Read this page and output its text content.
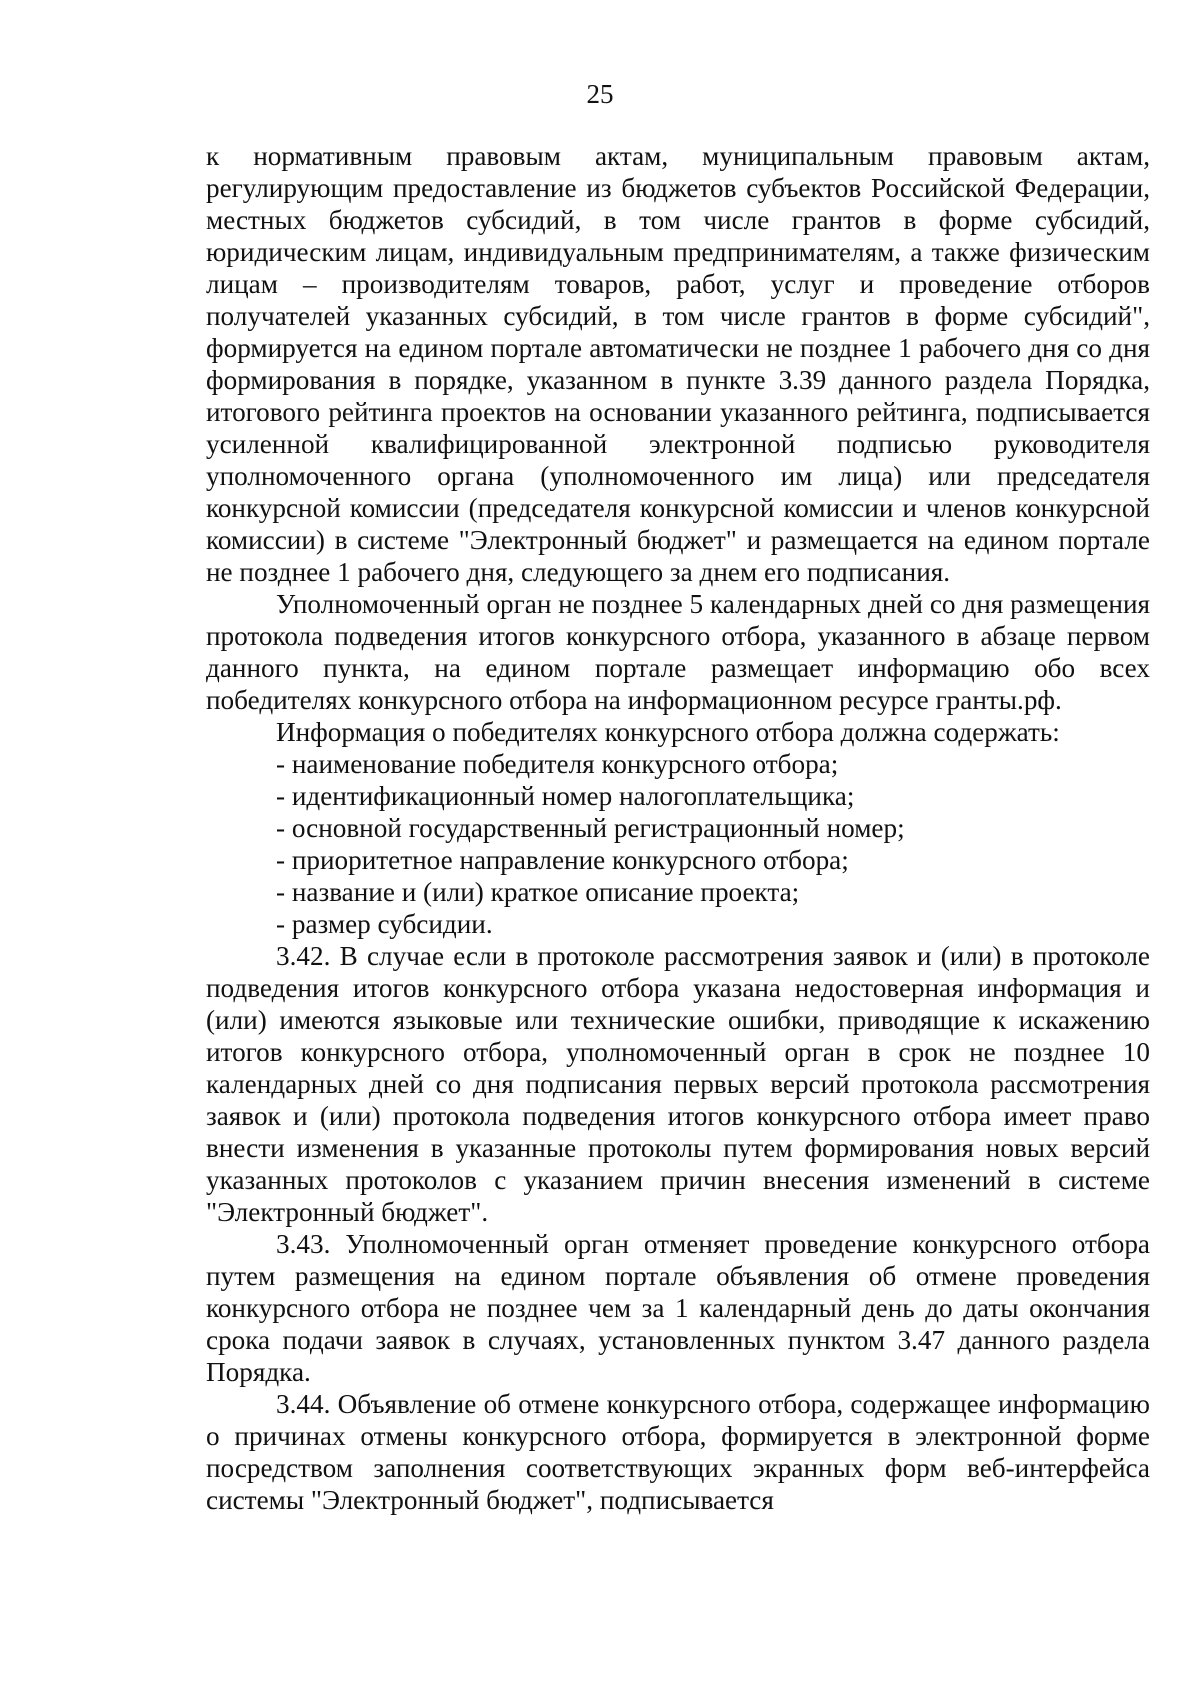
25

к нормативным правовым актам, муниципальным правовым актам, регулирующим предоставление из бюджетов субъектов Российской Федерации, местных бюджетов субсидий, в том числе грантов в форме субсидий, юридическим лицам, индивидуальным предпринимателям, а также физическим лицам – производителям товаров, работ, услуг и проведение отборов получателей указанных субсидий, в том числе грантов в форме субсидий", формируется на едином портале автоматически не позднее 1 рабочего дня со дня формирования в порядке, указанном в пункте 3.39 данного раздела Порядка, итогового рейтинга проектов на основании указанного рейтинга, подписывается усиленной квалифицированной электронной подписью руководителя уполномоченного органа (уполномоченного им лица) или председателя конкурсной комиссии (председателя конкурсной комиссии и членов конкурсной комиссии) в системе "Электронный бюджет" и размещается на едином портале не позднее 1 рабочего дня, следующего за днем его подписания.

Уполномоченный орган не позднее 5 календарных дней со дня размещения протокола подведения итогов конкурсного отбора, указанного в абзаце первом данного пункта, на едином портале размещает информацию обо всех победителях конкурсного отбора на информационном ресурсе гранты.рф.

Информация о победителях конкурсного отбора должна содержать:

- наименование победителя конкурсного отбора;

- идентификационный номер налогоплательщика;

- основной государственный регистрационный номер;

- приоритетное направление конкурсного отбора;

- название и (или) краткое описание проекта;

- размер субсидии.

3.42. В случае если в протоколе рассмотрения заявок и (или) в протоколе подведения итогов конкурсного отбора указана недостоверная информация и (или) имеются языковые или технические ошибки, приводящие к искажению итогов конкурсного отбора, уполномоченный орган в срок не позднее 10 календарных дней со дня подписания первых версий протокола рассмотрения заявок и (или) протокола подведения итогов конкурсного отбора имеет право внести изменения в указанные протоколы путем формирования новых версий указанных протоколов с указанием причин внесения изменений в системе "Электронный бюджет".

3.43. Уполномоченный орган отменяет проведение конкурсного отбора путем размещения на едином портале объявления об отмене проведения конкурсного отбора не позднее чем за 1 календарный день до даты окончания срока подачи заявок в случаях, установленных пунктом 3.47 данного раздела Порядка.

3.44. Объявление об отмене конкурсного отбора, содержащее информацию о причинах отмены конкурсного отбора, формируется в электронной форме посредством заполнения соответствующих экранных форм веб-интерфейса системы "Электронный бюджет", подписывается
